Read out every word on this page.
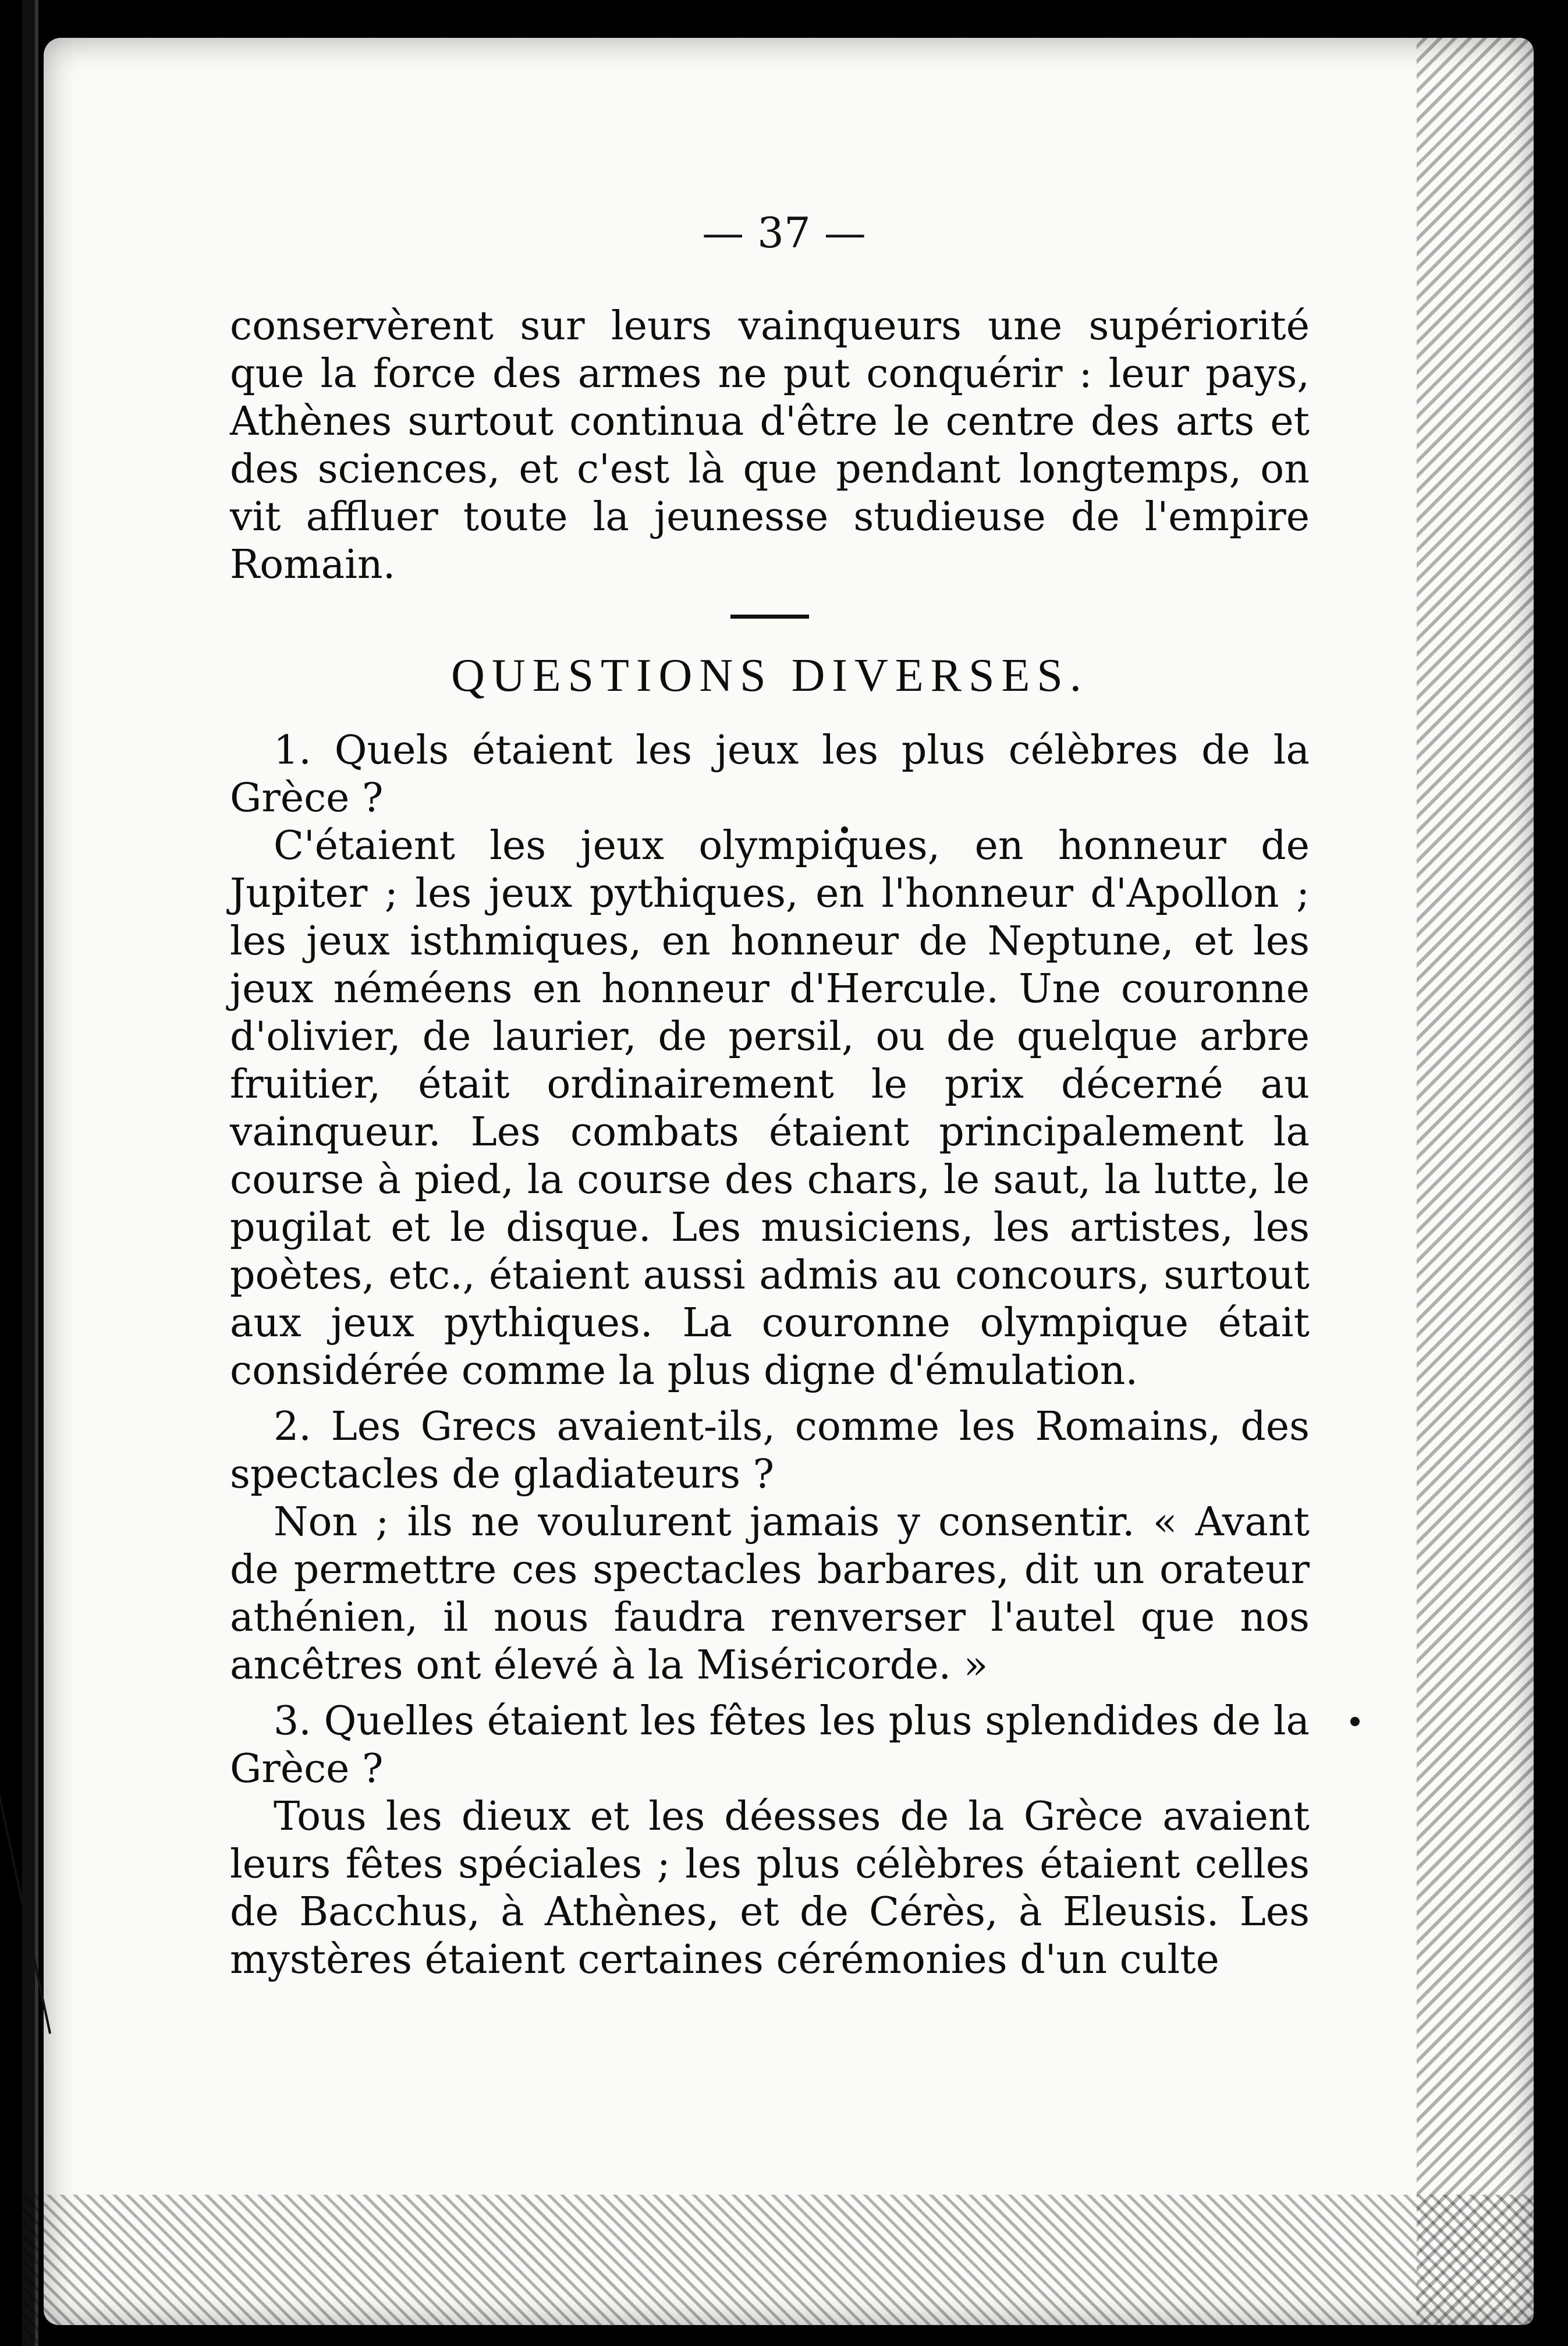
— 37 —

conservèrent sur leurs vainqueurs une supériorité que la force des armes ne put conquérir : leur pays, Athènes surtout continua d'être le centre des arts et des sciences, et c'est là que pendant longtemps, on vit affluer toute la jeunesse studieuse de l'empire Romain.

QUESTIONS DIVERSES.

1. Quels étaient les jeux les plus célèbres de la Grèce ?

C'étaient les jeux olympiques, en honneur de Jupiter ; les jeux pythiques, en l'honneur d'Apollon ; les jeux isthmiques, en honneur de Neptune, et les jeux néméens en honneur d'Hercule. Une couronne d'olivier, de laurier, de persil, ou de quelque arbre fruitier, était ordinairement le prix décerné au vainqueur. Les combats étaient principalement la course à pied, la course des chars, le saut, la lutte, le pugilat et le disque. Les musiciens, les artistes, les poètes, etc., étaient aussi admis au concours, surtout aux jeux pythiques. La couronne olympique était considérée comme la plus digne d'émulation.

2. Les Grecs avaient-ils, comme les Romains, des spectacles de gladiateurs ?

Non ; ils ne voulurent jamais y consentir. « Avant de permettre ces spectacles barbares, dit un orateur athénien, il nous faudra renverser l'autel que nos ancêtres ont élevé à la Miséricorde. »

3. Quelles étaient les fêtes les plus splendides de la Grèce ?

Tous les dieux et les déesses de la Grèce avaient leurs fêtes spéciales ; les plus célèbres étaient celles de Bacchus, à Athènes, et de Cérès, à Eleusis. Les mystères étaient certaines cérémonies d'un culte
